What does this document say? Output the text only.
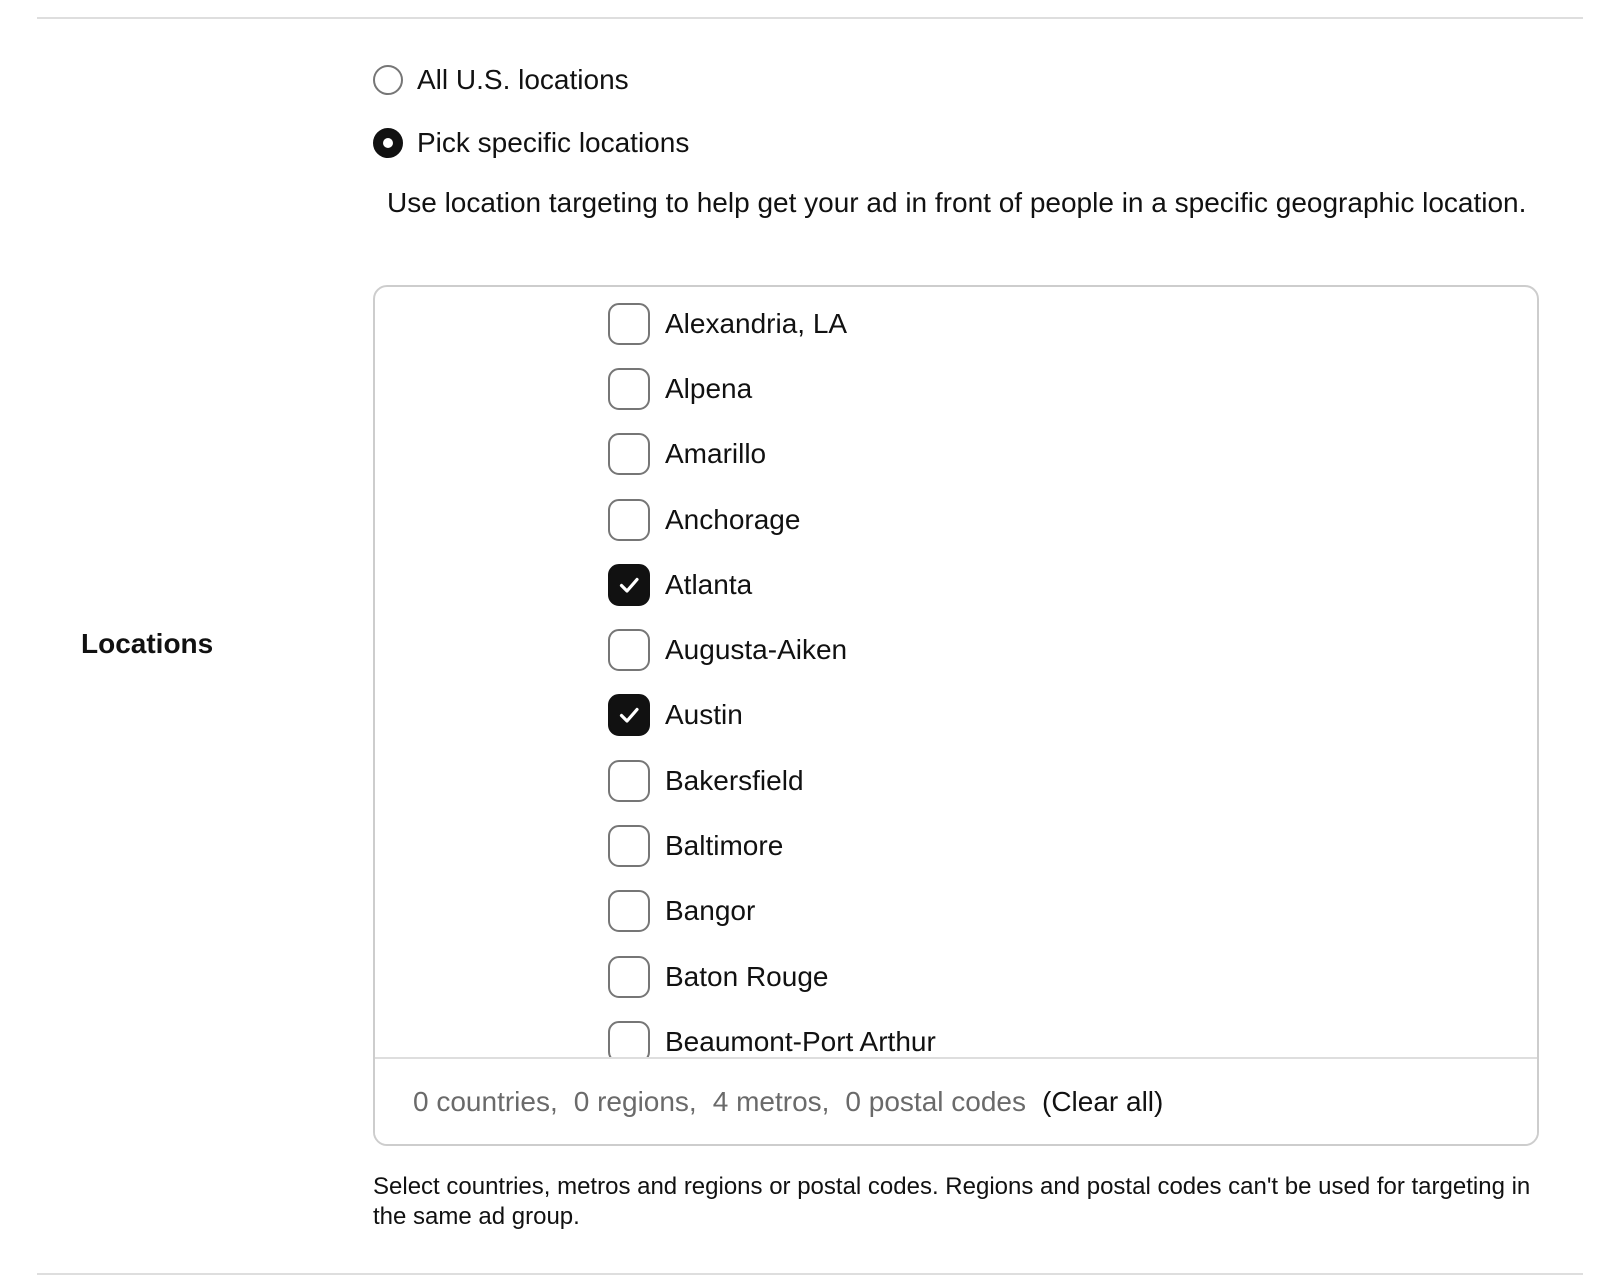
Locations
All U.S. locations
Pick specific locations
Use location targeting to help get your ad in front of people in a specific geographic location.
Alexandria, LA
Alpena
Amarillo
Anchorage
Atlanta
Augusta-Aiken
Austin
Bakersfield
Baltimore
Bangor
Baton Rouge
Beaumont-Port Arthur
0 countries, 0 regions, 4 metros, 0 postal codes (Clear all)
Select countries, metros and regions or postal codes. Regions and postal codes can't be used for targeting in the same ad group.
